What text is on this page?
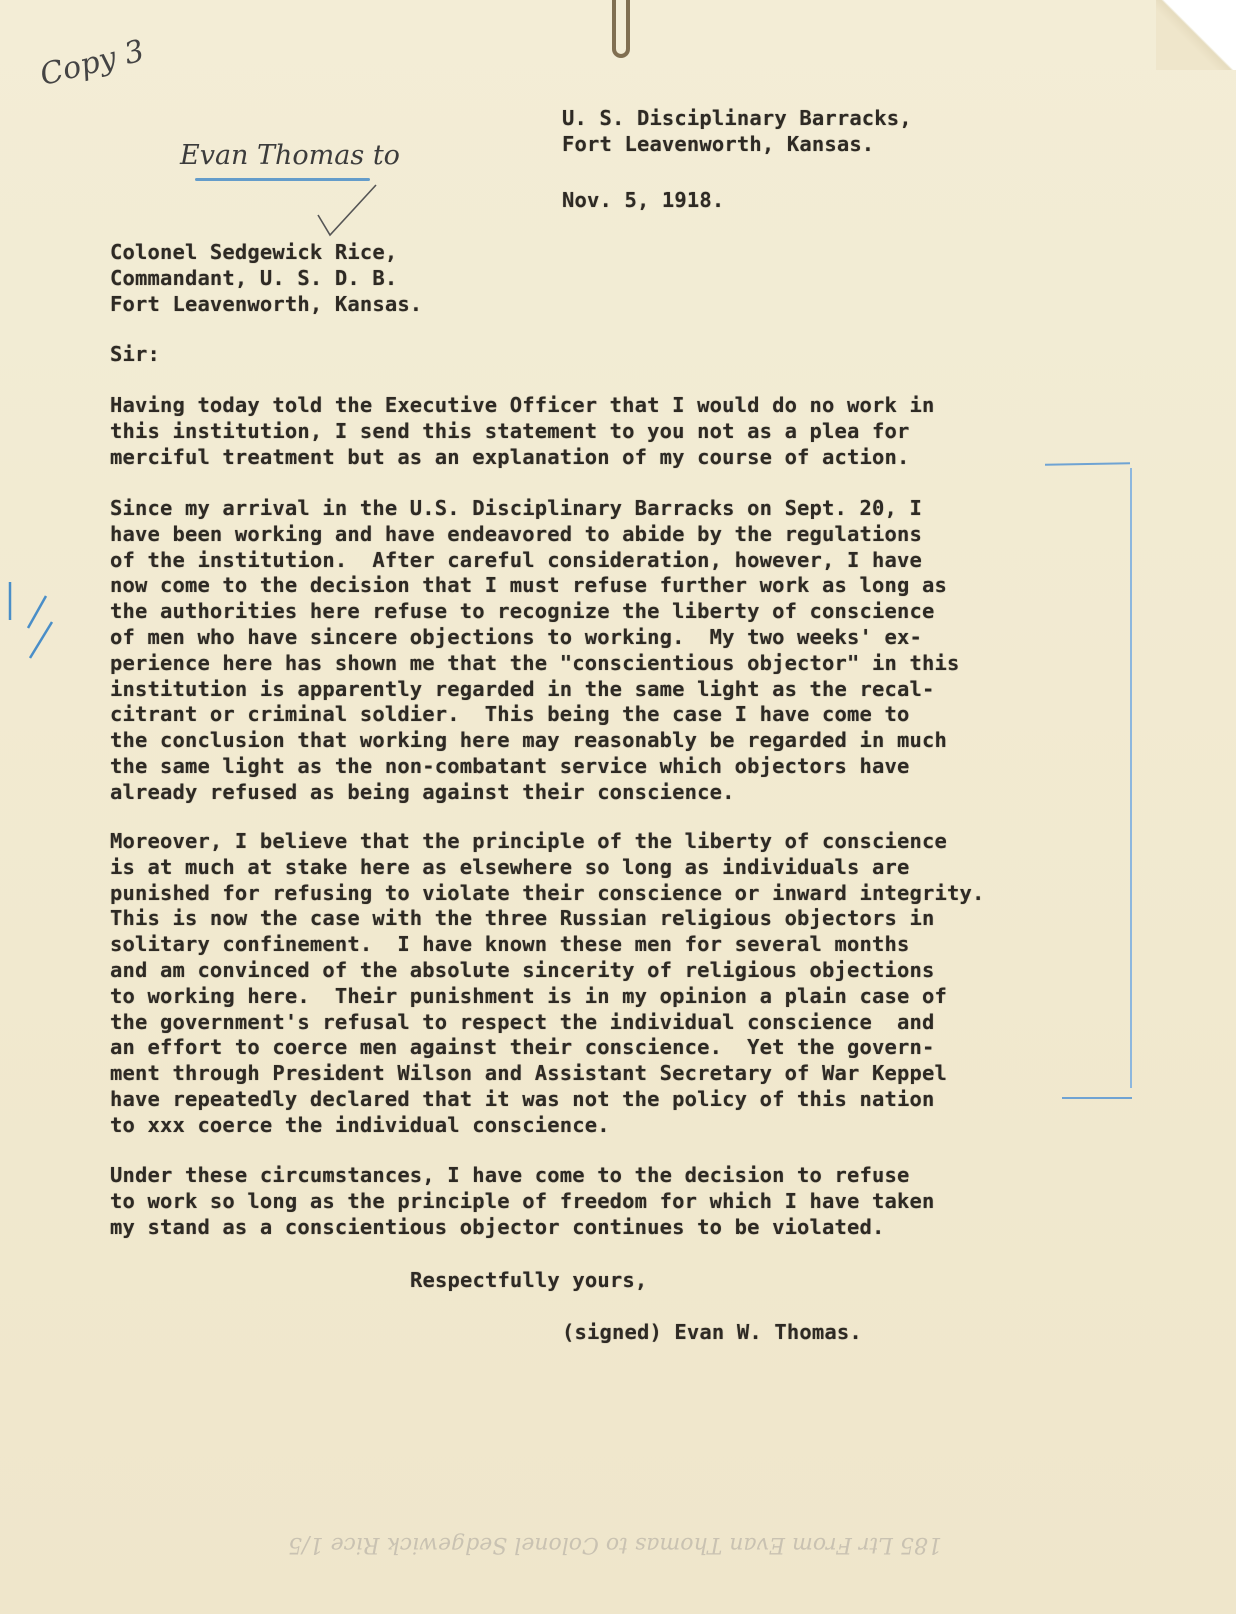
Copy 3
Evan Thomas to
U. S. Disciplinary Barracks,
Fort Leavenworth, Kansas.
Nov. 5, 1918.
Colonel Sedgewick Rice,
Commandant, U. S. D. B.
Fort Leavenworth, Kansas.
Sir:
Having today told the Executive Officer that I would do no work in
this institution, I send this statement to you not as a plea for
merciful treatment but as an explanation of my course of action.
Since my arrival in the U.S. Disciplinary Barracks on Sept. 20, I
have been working and have endeavored to abide by the regulations
of the institution.  After careful consideration, however, I have
now come to the decision that I must refuse further work as long as
the authorities here refuse to recognize the liberty of conscience
of men who have sincere objections to working.  My two weeks' ex-
perience here has shown me that the "conscientious objector" in this
institution is apparently regarded in the same light as the recal-
citrant or criminal soldier.  This being the case I have come to
the conclusion that working here may reasonably be regarded in much
the same light as the non-combatant service which objectors have
already refused as being against their conscience.
Moreover, I believe that the principle of the liberty of conscience
is at much at stake here as elsewhere so long as individuals are
punished for refusing to violate their conscience or inward integrity.
This is now the case with the three Russian religious objectors in
solitary confinement.  I have known these men for several months
and am convinced of the absolute sincerity of religious objections
to working here.  Their punishment is in my opinion a plain case of
the government's refusal to respect the individual conscience  and
an effort to coerce men against their conscience.  Yet the govern-
ment through President Wilson and Assistant Secretary of War Keppel
have repeatedly declared that it was not the policy of this nation
to xxx coerce the individual conscience.
Under these circumstances, I have come to the decision to refuse
to work so long as the principle of freedom for which I have taken
my stand as a conscientious objector continues to be violated.
Respectfully yours,
(signed) Evan W. Thomas.
185 Ltr From Evan Thomas to Colonel Sedgewick Rice 1/5
